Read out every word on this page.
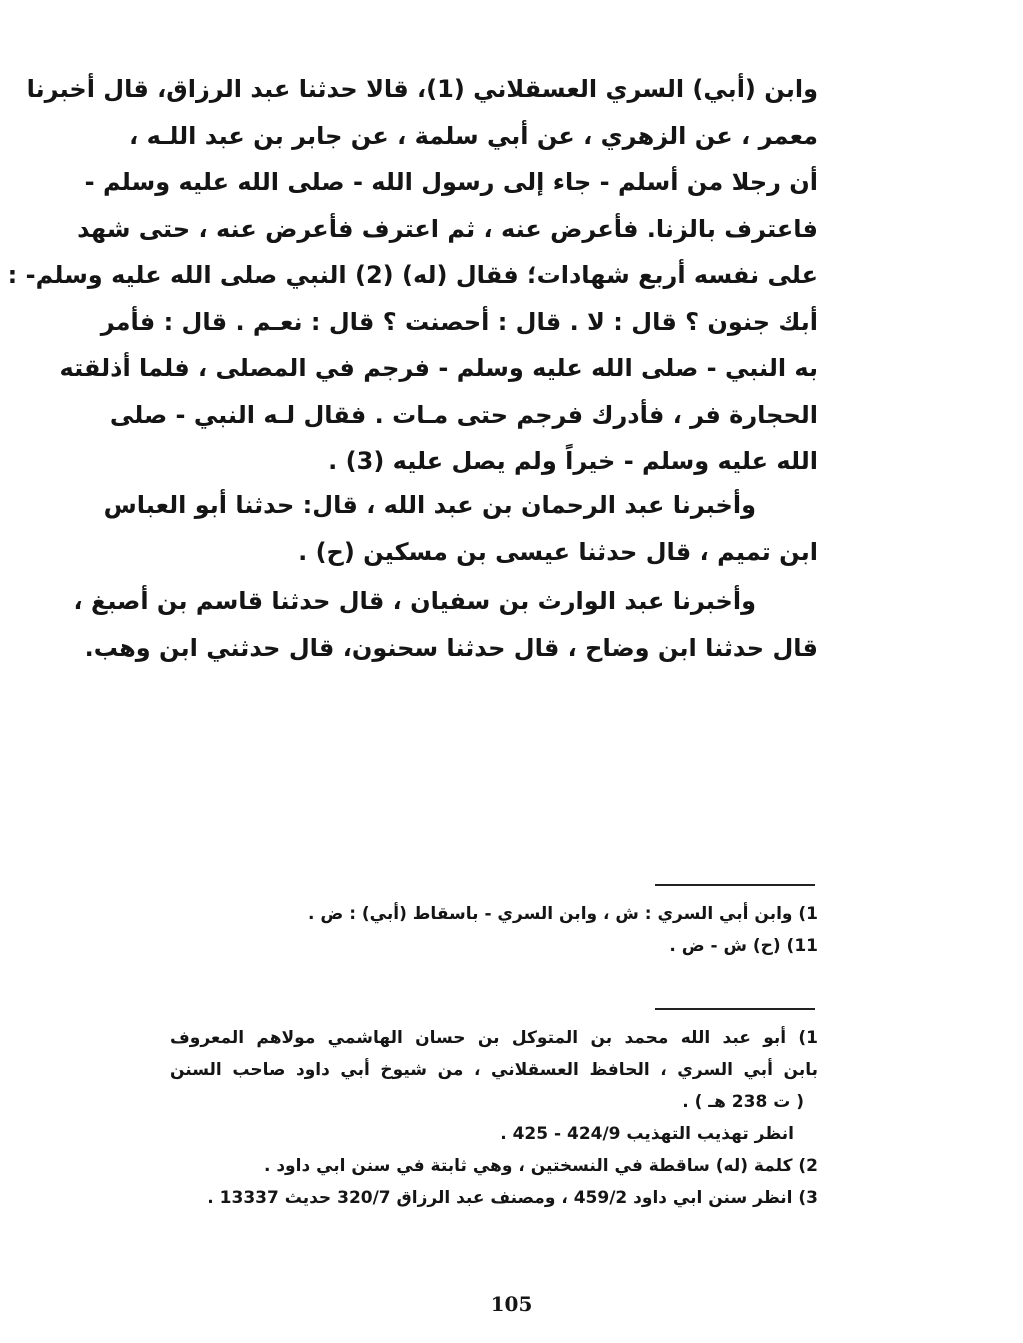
وابن (أبي) السري العسقلاني (1)، قالا حدثنا عبد الرزاق، قال أخبرنا
معمر ، عن الزهري ، عن أبي سلمة ، عن جابر بن عبد اللـه ،
أن رجلا من أسلم - جاء إلى رسول الله - صلى الله عليه وسلم -
فاعترف بالزنا. فأعرض عنه ، ثم اعترف فأعرض عنه ، حتى شهد
على نفسه أربع شهادات؛ فقال (له) (2) النبي صلى الله عليه وسلم- :
أبك جنون ؟ قال : لا . قال : أحصنت ؟ قال : نعـم . قال : فأمر
به النبي - صلى الله عليه وسلم - فرجم في المصلى ، فلما أذلقته
الحجارة فر ، فأدرك فرجم حتى مـات . فقال لـه النبي - صلى
الله عليه وسلم - خيراً ولم يصل عليه (3) .
وأخبرنا عبد الرحمان بن عبد الله ، قال: حدثنا أبو العباس
ابن تميم ، قال حدثنا عيسى بن مسكين (ح) .
وأخبرنا عبد الوارث بن سفيان ، قال حدثنا قاسم بن أصبغ ،
قال حدثنا ابن وضاح ، قال حدثنا سحنون، قال حدثني ابن وهب.
1) وابن أبي السري : ش ، وابن السري - باسقاط (أبي) : ض .
11) (ح) ش - ض .
1) أبو عبد الله محمد بن المتوكل بن حسان الهاشمي مولاهم المعروف
بابن أبي السري ، الحافظ العسقلاني ، من شيوخ أبي داود صاحب السنن
( ت 238 هـ ) .
انظر تهذيب التهذيب 424/9 - 425 .
2) كلمة (له) ساقطة في النسختين ، وهي ثابتة في سنن ابي داود .
3) انظر سنن ابي داود 459/2 ، ومصنف عبد الرزاق 320/7 حديث 13337 .
105
